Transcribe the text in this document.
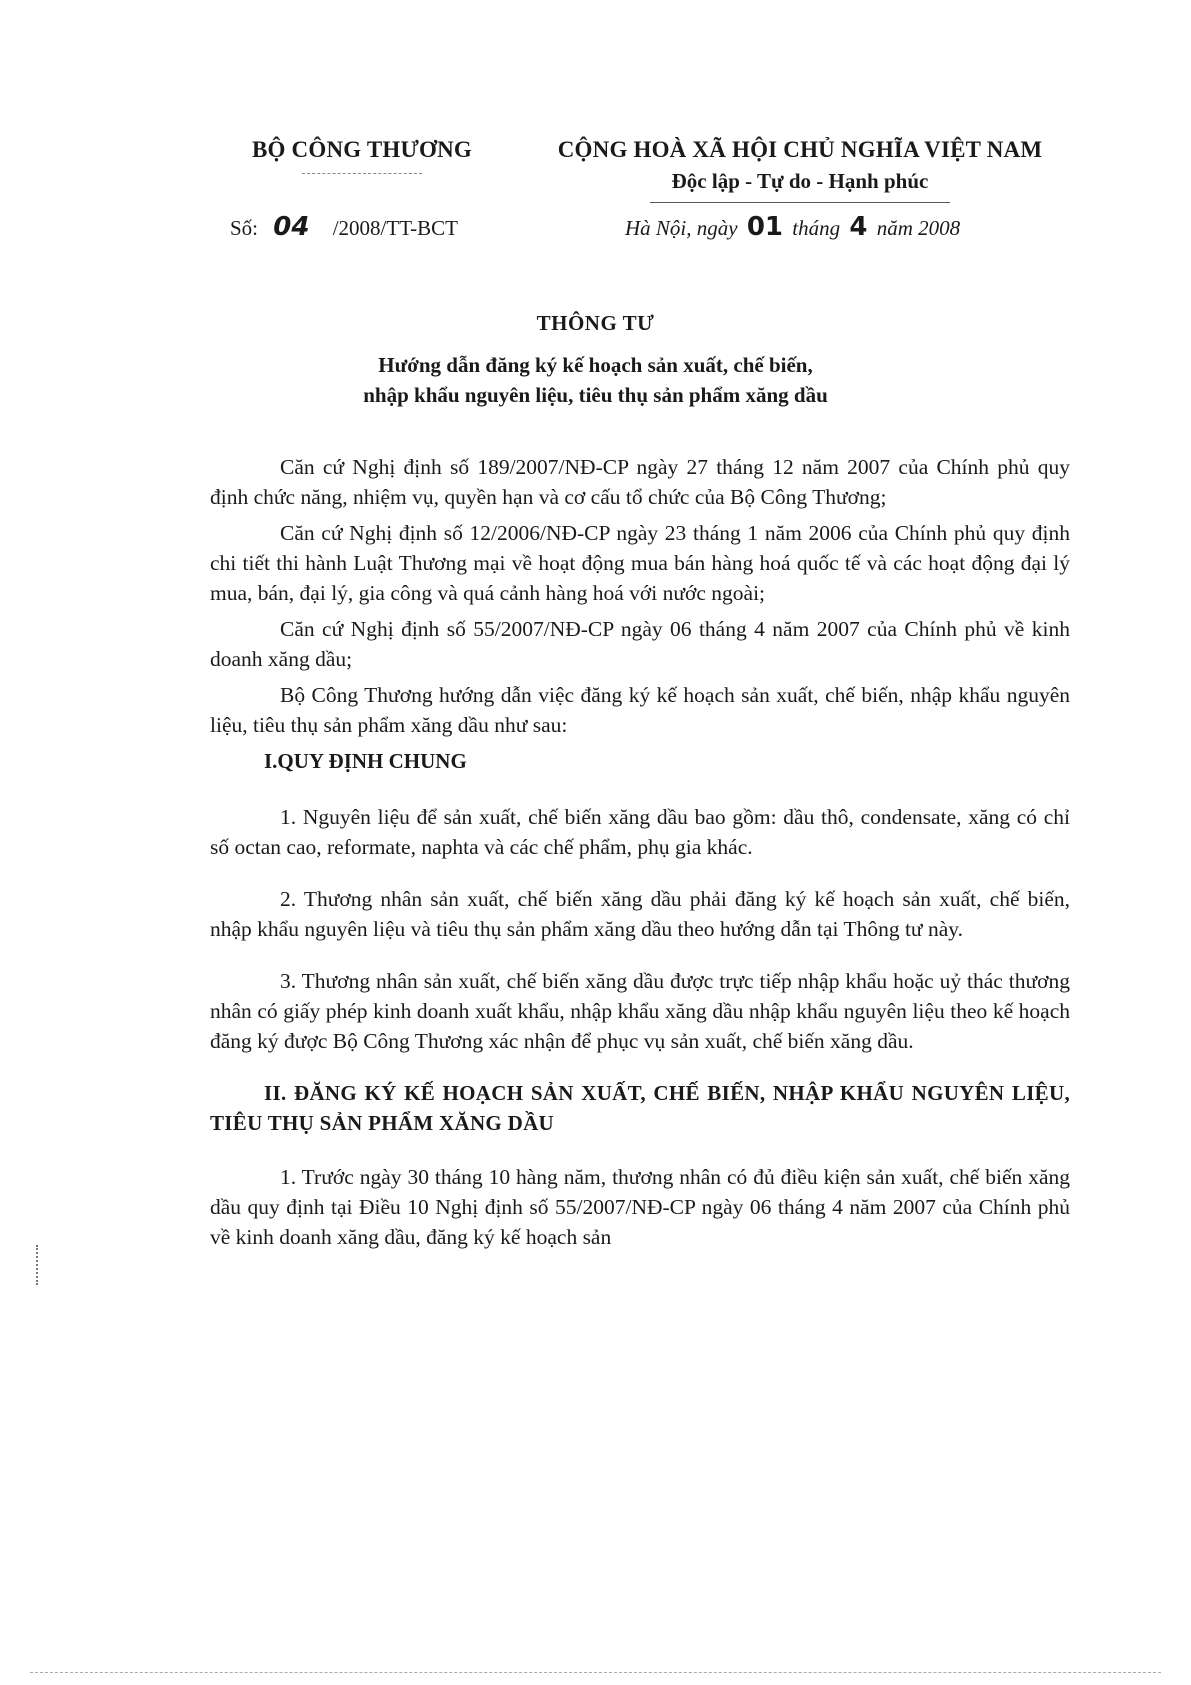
BỘ CÔNG THƯƠNG	CỘNG HOÀ XÃ HỘI CHỦ NGHĨA VIỆT NAM
Độc lập - Tự do - Hạnh phúc
Số: 04 /2008/TT-BCT	Hà Nội, ngày 01 tháng 4 năm 2008
THÔNG TƯ
Hướng dẫn đăng ký kế hoạch sản xuất, chế biến,
nhập khẩu nguyên liệu, tiêu thụ sản phẩm xăng dầu

Căn cứ Nghị định số 189/2007/NĐ-CP ngày 27 tháng 12 năm 2007 của Chính phủ quy định chức năng, nhiệm vụ, quyền hạn và cơ cấu tổ chức của Bộ Công Thương;

Căn cứ Nghị định số 12/2006/NĐ-CP ngày 23 tháng 1 năm 2006 của Chính phủ quy định chi tiết thi hành Luật Thương mại về hoạt động mua bán hàng hoá quốc tế và các hoạt động đại lý mua, bán, đại lý, gia công và quá cảnh hàng hoá với nước ngoài;

Căn cứ Nghị định số 55/2007/NĐ-CP ngày 06 tháng 4 năm 2007 của Chính phủ về kinh doanh xăng dầu;

Bộ Công Thương hướng dẫn việc đăng ký kế hoạch sản xuất, chế biến, nhập khẩu nguyên liệu, tiêu thụ sản phẩm xăng dầu như sau:

I.QUY ĐỊNH CHUNG

1. Nguyên liệu để sản xuất, chế biến xăng dầu bao gồm: dầu thô, condensate, xăng có chỉ số octan cao, reformate, naphta và các chế phẩm, phụ gia khác.

2. Thương nhân sản xuất, chế biến xăng dầu phải đăng ký kế hoạch sản xuất, chế biến, nhập khẩu nguyên liệu và tiêu thụ sản phẩm xăng dầu theo hướng dẫn tại Thông tư này.

3. Thương nhân sản xuất, chế biến xăng dầu được trực tiếp nhập khẩu hoặc uỷ thác thương nhân có giấy phép kinh doanh xuất khẩu, nhập khẩu xăng dầu nhập khẩu nguyên liệu theo kế hoạch đăng ký được Bộ Công Thương xác nhận để phục vụ sản xuất, chế biến xăng dầu.

II. ĐĂNG KÝ KẾ HOẠCH SẢN XUẤT, CHẾ BIẾN, NHẬP KHẨU NGUYÊN LIỆU, TIÊU THỤ SẢN PHẨM XĂNG DẦU

1. Trước ngày 30 tháng 10 hàng năm, thương nhân có đủ điều kiện sản xuất, chế biến xăng dầu quy định tại Điều 10 Nghị định số 55/2007/NĐ-CP ngày 06 tháng 4 năm 2007 của Chính phủ về kinh doanh xăng dầu, đăng ký kế hoạch sản
